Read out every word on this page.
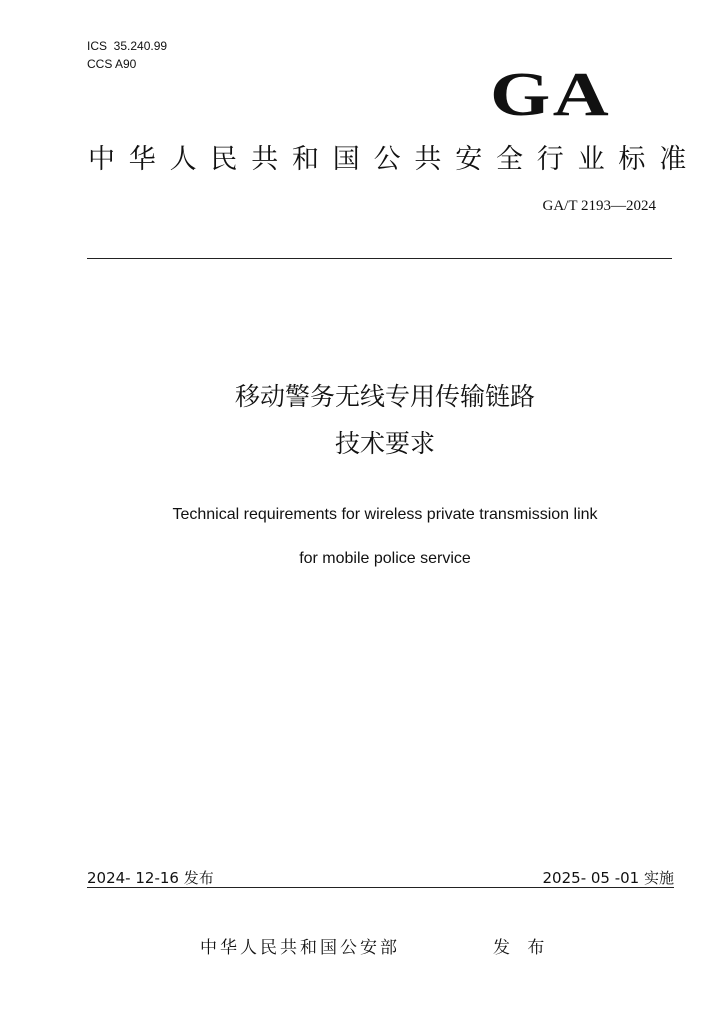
ICS  35.240.99
CCS A90	GA
中华人民共和国公共安全行业标准
GA/T 2193—2024
移动警务无线专用传输链路
技术要求
Technical requirements for wireless private transmission link
for mobile police service
2024- 12-16 发布	2025- 05 -01 实施
中华人民共和国公安部	发 布
